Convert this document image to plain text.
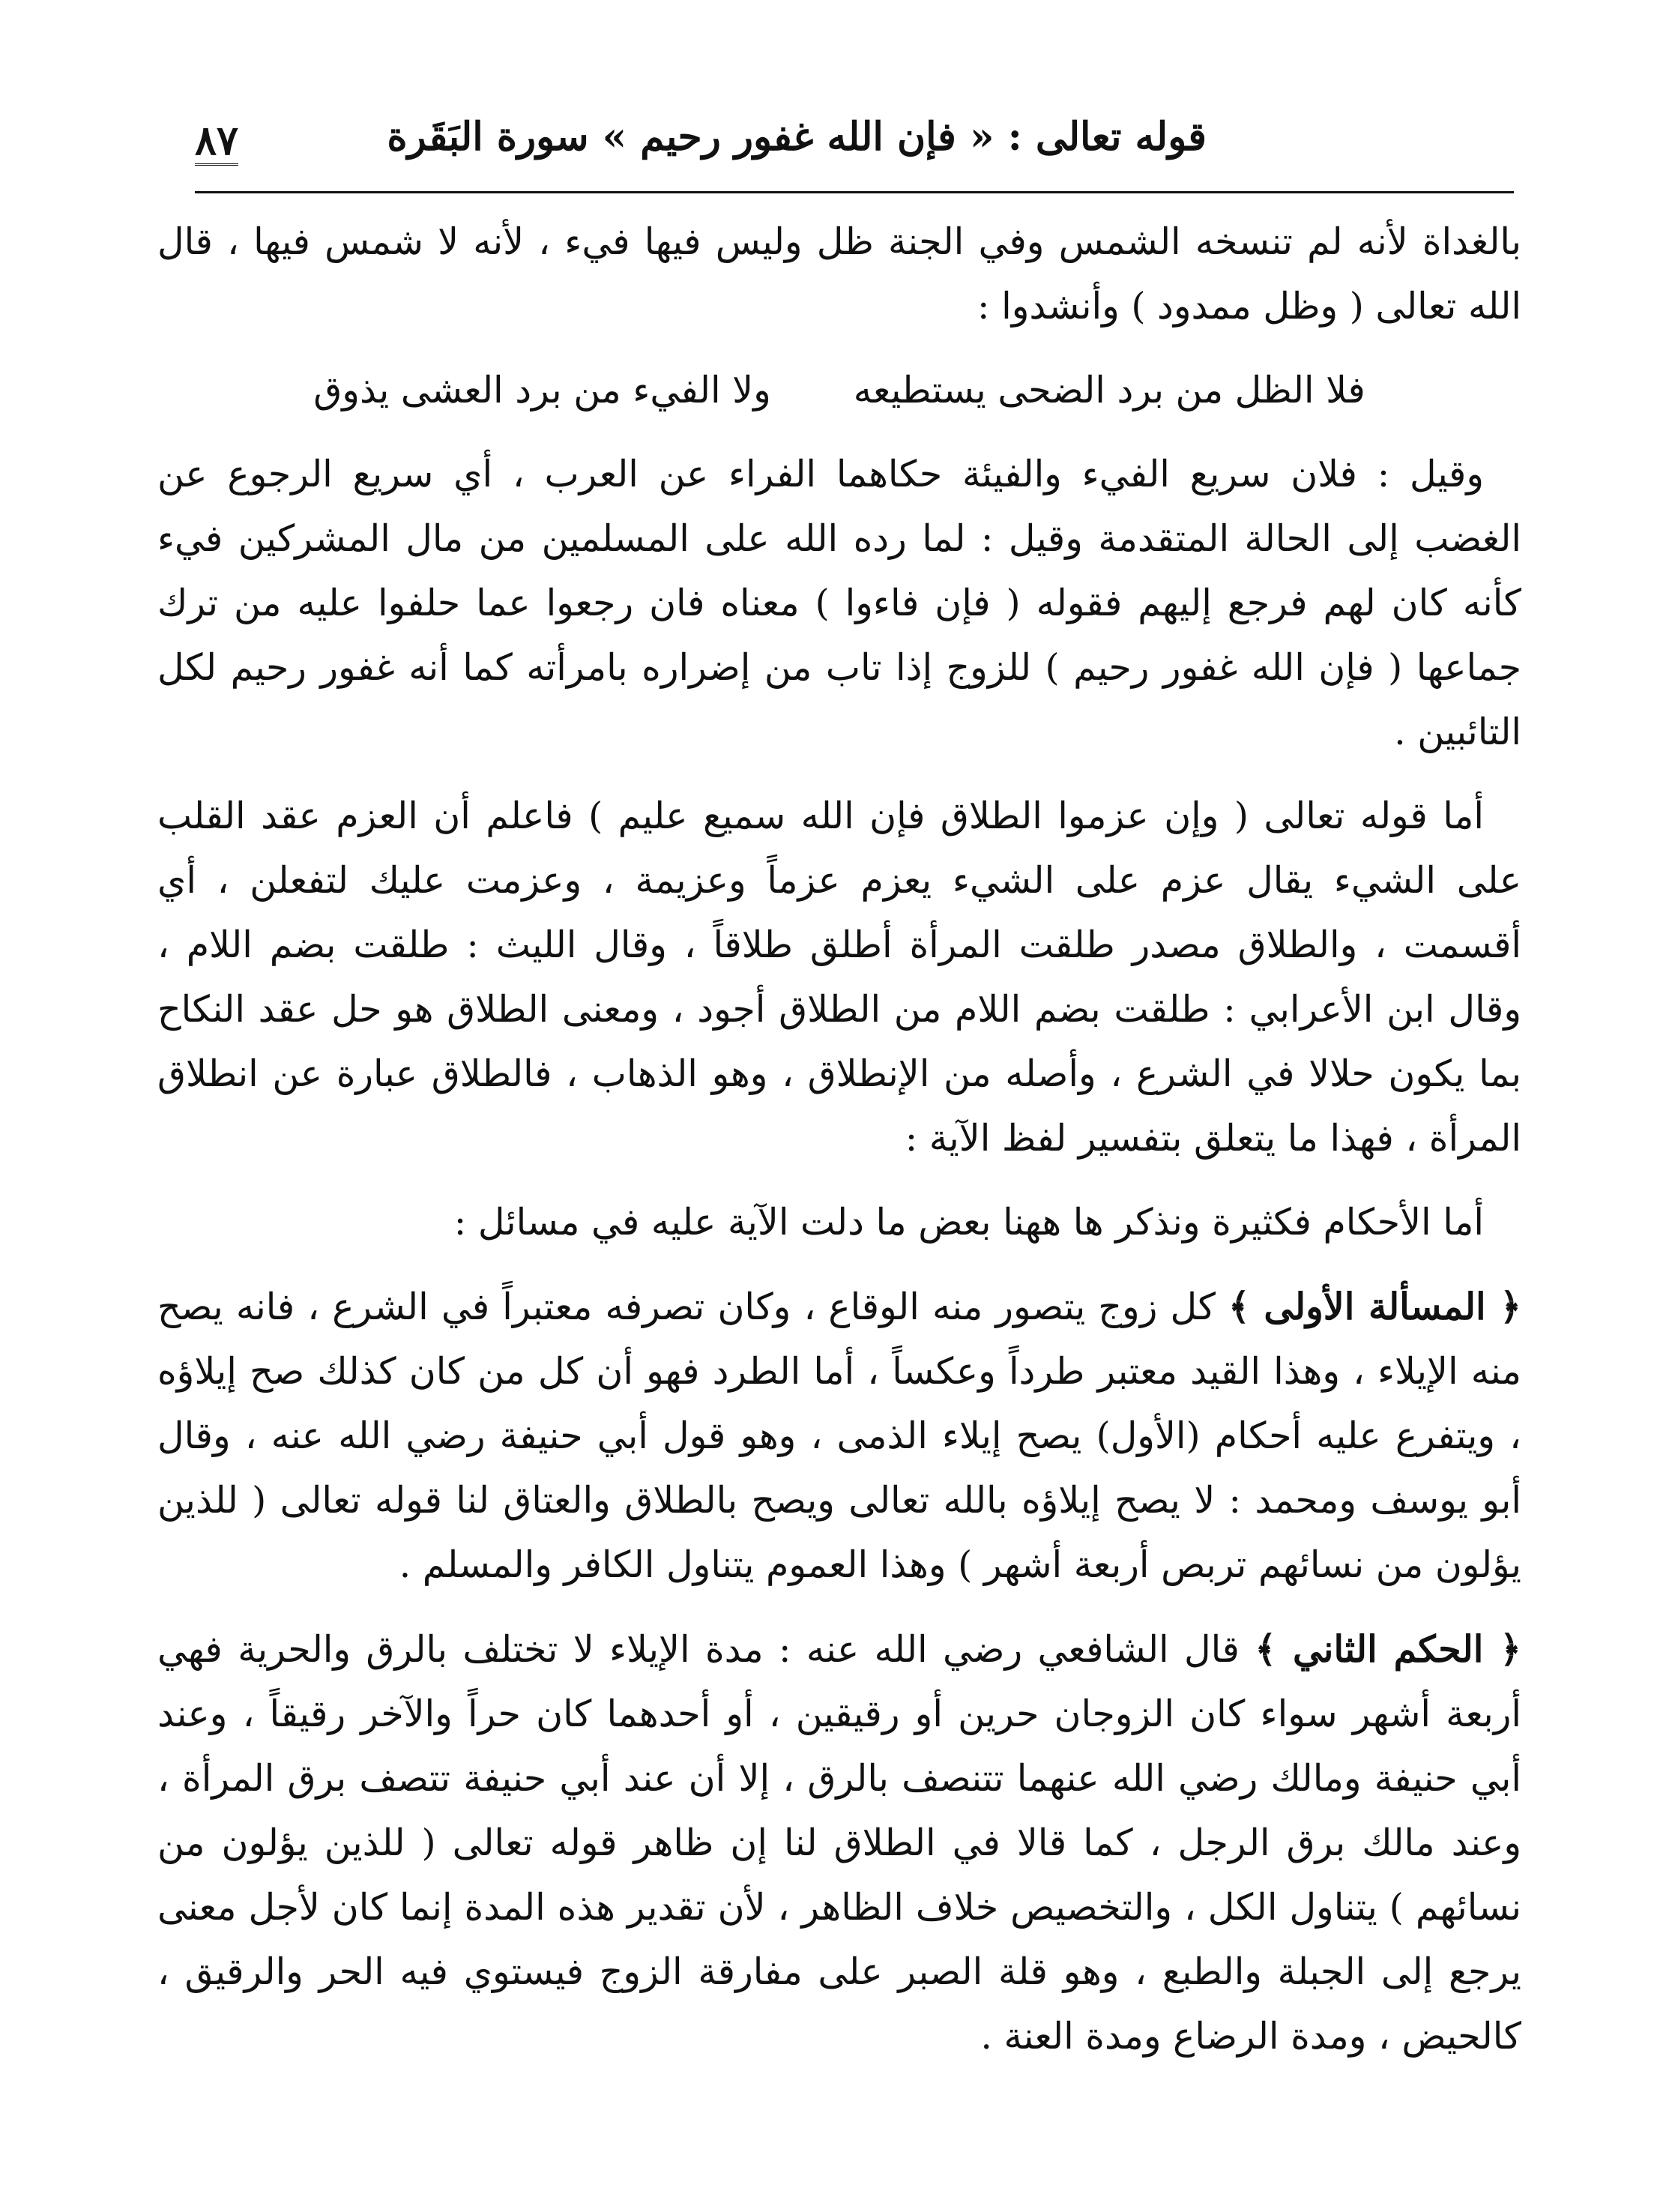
قوله تعالى : « فإن الله غفور رحيم » سورة البَقَرة
٨٧

بالغداة لأنه لم تنسخه الشمس وفي الجنة ظل وليس فيها فيء ، لأنه لا شمس فيها ، قال الله تعالى ( وظل ممدود ) وأنشدوا :

فلا الظل من برد الضحى يستطيعه
ولا الفيء من برد العشى يذوق

وقيل : فلان سريع الفيء والفيئة حكاهما الفراء عن العرب ، أي سريع الرجوع عن الغضب إلى الحالة المتقدمة وقيل : لما رده الله على المسلمين من مال المشركين فيء كأنه كان لهم فرجع إليهم فقوله ( فإن فاءوا ) معناه فان رجعوا عما حلفوا عليه من ترك جماعها ( فإن الله غفور رحيم ) للزوج إذا تاب من إضراره بامرأته كما أنه غفور رحيم لكل التائبين .

أما قوله تعالى ( وإن عزموا الطلاق فإن الله سميع عليم ) فاعلم أن العزم عقد القلب على الشيء يقال عزم على الشيء يعزم عزماً وعزيمة ، وعزمت عليك لتفعلن ، أي أقسمت ، والطلاق مصدر طلقت المرأة أطلق طلاقاً ، وقال الليث : طلقت بضم اللام ، وقال ابن الأعرابي : طلقت بضم اللام من الطلاق أجود ، ومعنى الطلاق هو حل عقد النكاح بما يكون حلالا في الشرع ، وأصله من الإنطلاق ، وهو الذهاب ، فالطلاق عبارة عن انطلاق المرأة ، فهذا ما يتعلق بتفسير لفظ الآية :

أما الأحكام فكثيرة ونذكر ها ههنا بعض ما دلت الآية عليه في مسائل :

﴿ المسألة الأولى ﴾ كل زوج يتصور منه الوقاع ، وكان تصرفه معتبراً في الشرع ، فانه يصح منه الإيلاء ، وهذا القيد معتبر طرداً وعكساً ، أما الطرد فهو أن كل من كان كذلك صح إيلاؤه ، ويتفرع عليه أحكام (الأول) يصح إيلاء الذمى ، وهو قول أبي حنيفة رضي الله عنه ، وقال أبو يوسف ومحمد : لا يصح إيلاؤه بالله تعالى ويصح بالطلاق والعتاق لنا قوله تعالى ( للذين يؤلون من نسائهم تربص أربعة أشهر ) وهذا العموم يتناول الكافر والمسلم .

﴿ الحكم الثاني ﴾ قال الشافعي رضي الله عنه : مدة الإيلاء لا تختلف بالرق والحرية فهي أربعة أشهر سواء كان الزوجان حرين أو رقيقين ، أو أحدهما كان حراً والآخر رقيقاً ، وعند أبي حنيفة ومالك رضي الله عنهما تتنصف بالرق ، إلا أن عند أبي حنيفة تتصف برق المرأة ، وعند مالك برق الرجل ، كما قالا في الطلاق لنا إن ظاهر قوله تعالى ( للذين يؤلون من نسائهم ) يتناول الكل ، والتخصيص خلاف الظاهر ، لأن تقدير هذه المدة إنما كان لأجل معنى يرجع إلى الجبلة والطبع ، وهو قلة الصبر على مفارقة الزوج فيستوي فيه الحر والرقيق ، كالحيض ، ومدة الرضاع ومدة العنة .
